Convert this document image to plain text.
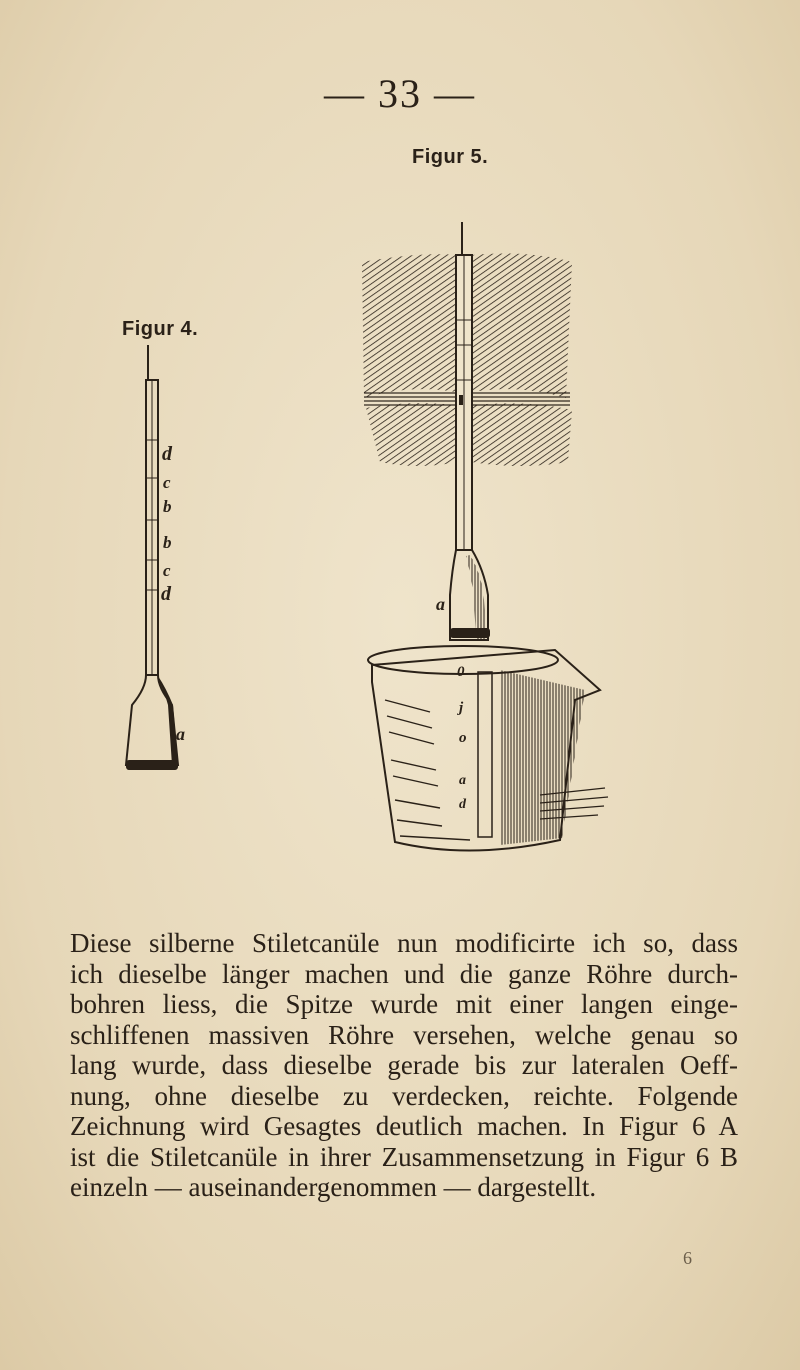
— 33 —
Figur 5.
Figur 4.
d
c
b
b
c
d
a
a
0
j
o
a
d
Diese silberne Stiletcanüle nun modificirte ich so, dass
ich dieselbe länger machen und die ganze Röhre durch-
bohren liess, die Spitze wurde mit einer langen einge-
schliffenen massiven Röhre versehen, welche genau so
lang wurde, dass dieselbe gerade bis zur lateralen Oeff-
nung, ohne dieselbe zu verdecken, reichte. Folgende
Zeichnung wird Gesagtes deutlich machen. In Figur 6 A
ist die Stiletcanüle in ihrer Zusammensetzung in Figur 6 B
einzeln — auseinandergenommen — dargestellt.
6
